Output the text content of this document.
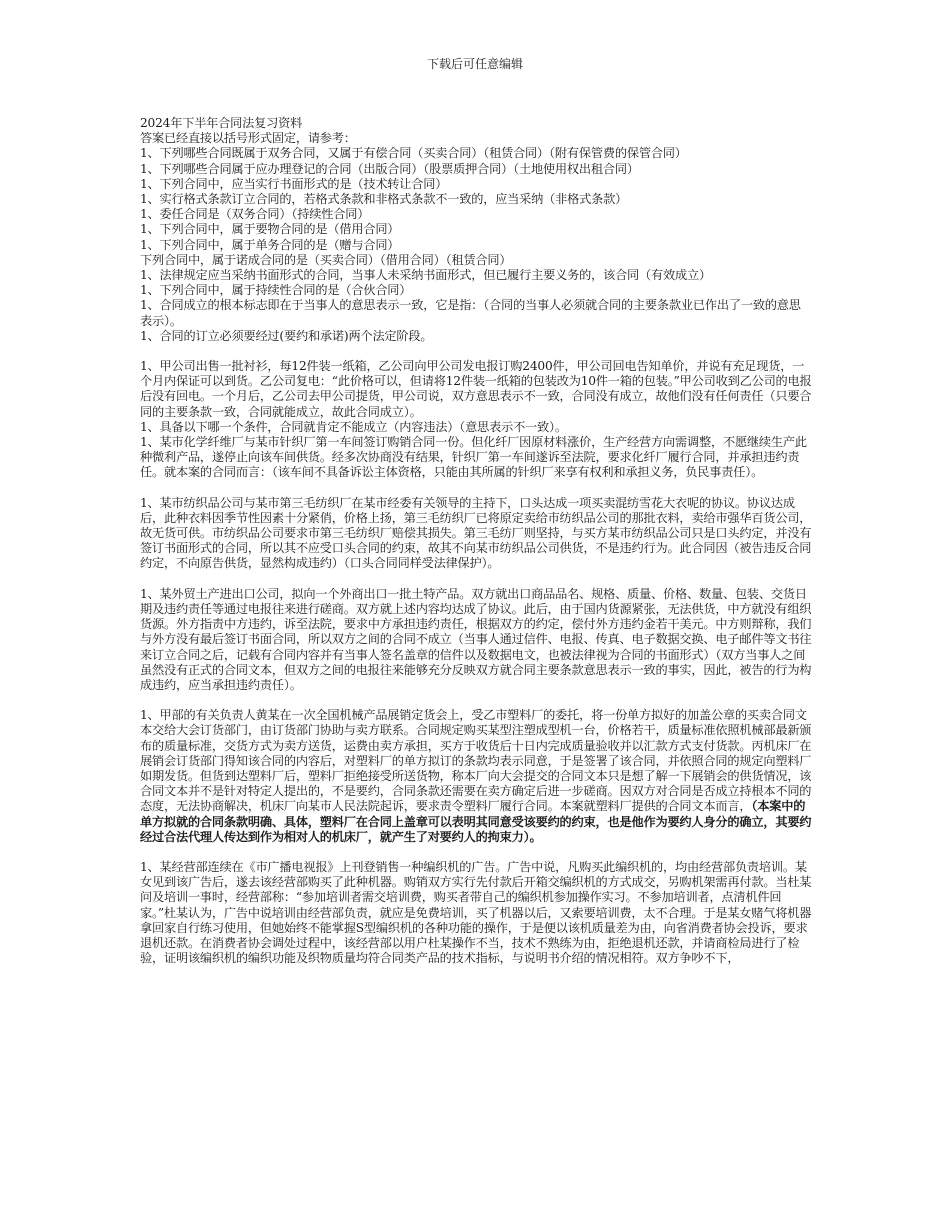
下载后可任意编辑

2024年下半年合同法复习资料

答案已经直接以括号形式固定，请参考：

1、下列哪些合同既属于双务合同，又属于有偿合同（买卖合同）（租赁合同）（附有保管费的保管合同）

1、下列哪些合同属于应办理登记的合同（出版合同）（股票质押合同）（土地使用权出租合同）

1、下列合同中，应当实行书面形式的是（技术转让合同）

1、实行格式条款订立合同的，若格式条款和非格式条款不一致的，应当采纳（非格式条款）

1、委任合同是（双务合同）（持续性合同）

1、下列合同中，属于要物合同的是（借用合同）

1、下列合同中，属于单务合同的是（赠与合同）

下列合同中，属于诺成合同的是（买卖合同）（借用合同）（租赁合同）

1、法律规定应当采纳书面形式的合同，当事人未采纳书面形式，但已履行主要义务的，该合同（有效成立）

1、下列合同中，属于持续性合同的是（合伙合同）

1、合同成立的根本标志即在于当事人的意思表示一致，它是指：（合同的当事人必须就合同的主要条款业已作出了一致的意思表示）。

1、合同的订立必须要经过(要约和承诺)两个法定阶段。

1、甲公司出售一批衬衫，每12件装一纸箱，乙公司向甲公司发电报订购2400件，甲公司回电告知单价，并说有充足现货，一个月内保证可以到货。乙公司复电：“此价格可以，但请将12件装一纸箱的包装改为10件一箱的包装。”甲公司收到乙公司的电报后没有回电。一个月后，乙公司去甲公司提货，甲公司说，双方意思表示不一致，合同没有成立，故他们没有任何责任（只要合同的主要条款一致，合同就能成立，故此合同成立）。

1、具备以下哪一个条件，合同就肯定不能成立（内容违法）（意思表示不一致）。

1、某市化学纤维厂与某市针织厂第一车间签订购销合同一份。但化纤厂因原材料涨价，生产经营方向需调整，不愿继续生产此种微利产品，遂停止向该车间供货。经多次协商没有结果，针织厂第一车间遂诉至法院，要求化纤厂履行合同，并承担违约责任。就本案的合同而言：（该车间不具备诉讼主体资格，只能由其所属的针织厂来享有权利和承担义务，负民事责任）。

1、某市纺织品公司与某市第三毛纺织厂在某市经委有关领导的主持下，口头达成一项买卖混纺雪花大衣呢的协议。协议达成后，此种衣料因季节性因素十分紧俏，价格上扬，第三毛纺织厂已将原定卖给市纺织品公司的那批衣料，卖给市强华百货公司，故无货可供。市纺织品公司要求市第三毛纺织厂赔偿其损失。第三毛纺厂则坚持，与买方某市纺织品公司只是口头约定，并没有签订书面形式的合同，所以其不应受口头合同的约束，故其不向某市纺织品公司供货，不是违约行为。此合同因（被告违反合同约定，不向原告供货，显然构成违约）（口头合同同样受法律保护）。

1、某外贸土产进出口公司，拟向一个外商出口一批土特产品。双方就出口商品品名、规格、质量、价格、数量、包装、交货日期及违约责任等通过电报往来进行磋商。双方就上述内容均达成了协议。此后，由于国内货源紧张，无法供货，中方就没有组织货源。外方指责中方违约，诉至法院，要求中方承担违约责任，根据双方的约定，偿付外方违约金若干美元。中方则辩称，我们与外方没有最后签订书面合同，所以双方之间的合同不成立（当事人通过信件、电报、传真、电子数据交换、电子邮件等文书往来订立合同之后，记载有合同内容并有当事人签名盖章的信件以及数据电文，也被法律视为合同的书面形式）（双方当事人之间虽然没有正式的合同文本，但双方之间的电报往来能够充分反映双方就合同主要条款意思表示一致的事实，因此，被告的行为构成违约，应当承担违约责任）。

1、甲部的有关负责人黄某在一次全国机械产品展销定货会上，受乙市塑料厂的委托，将一份单方拟好的加盖公章的买卖合同文本交给大会订货部门，由订货部门协助与卖方联系。合同规定购买某型注塑成型机一台，价格若干，质量标准依照机械部最新颁布的质量标准，交货方式为卖方送货，运费由卖方承担，买方于收货后十日内完成质量验收并以汇款方式支付货款。丙机床厂在展销会订货部门得知该合同的内容后，对塑料厂的单方拟订的条款均表示同意，于是签署了该合同，并依照合同的规定向塑料厂如期发货。但货到达塑料厂后，塑料厂拒绝接受所送货物，称本厂向大会提交的合同文本只是想了解一下展销会的供货情况，该合同文本并不是针对特定人提出的，不是要约，合同条款还需要在卖方确定后进一步磋商。因双方对合同是否成立持根本不同的态度，无法协商解决，机床厂向某市人民法院起诉，要求责令塑料厂履行合同。本案就塑料厂提供的合同文本而言，（本案中的单方拟就的合同条款明确、具体，塑料厂在合同上盖章可以表明其同意受该要约的约束，也是他作为要约人身分的确立，其要约经过合法代理人传达到作为相对人的机床厂，就产生了对要约人的拘束力）。

1、某经营部连续在《市广播电视报》上刊登销售一种编织机的广告。广告中说，凡购买此编织机的，均由经营部负责培训。某女见到该广告后，遂去该经营部购买了此种机器。购销双方实行先付款后开箱交编织机的方式成交，另购机架需再付款。当杜某问及培训一事时，经营部称：“参加培训者需交培训费，购买者带自己的编织机参加操作实习。不参加培训者，点清机件回家。”杜某认为，广告中说培训由经营部负责，就应是免费培训，买了机器以后，又索要培训费，太不合理。于是某女赌气将机器拿回家自行练习使用，但她始终不能掌握S型编织机的各种功能的操作，于是便以该机质量差为由，向省消费者协会投诉，要求退机还款。在消费者协会调处过程中，该经营部以用户杜某操作不当，技术不熟练为由，拒绝退机还款，并请商检局进行了检验，证明该编织机的编织功能及织物质量均符合同类产品的技术指标，与说明书介绍的情况相符。双方争吵不下，
